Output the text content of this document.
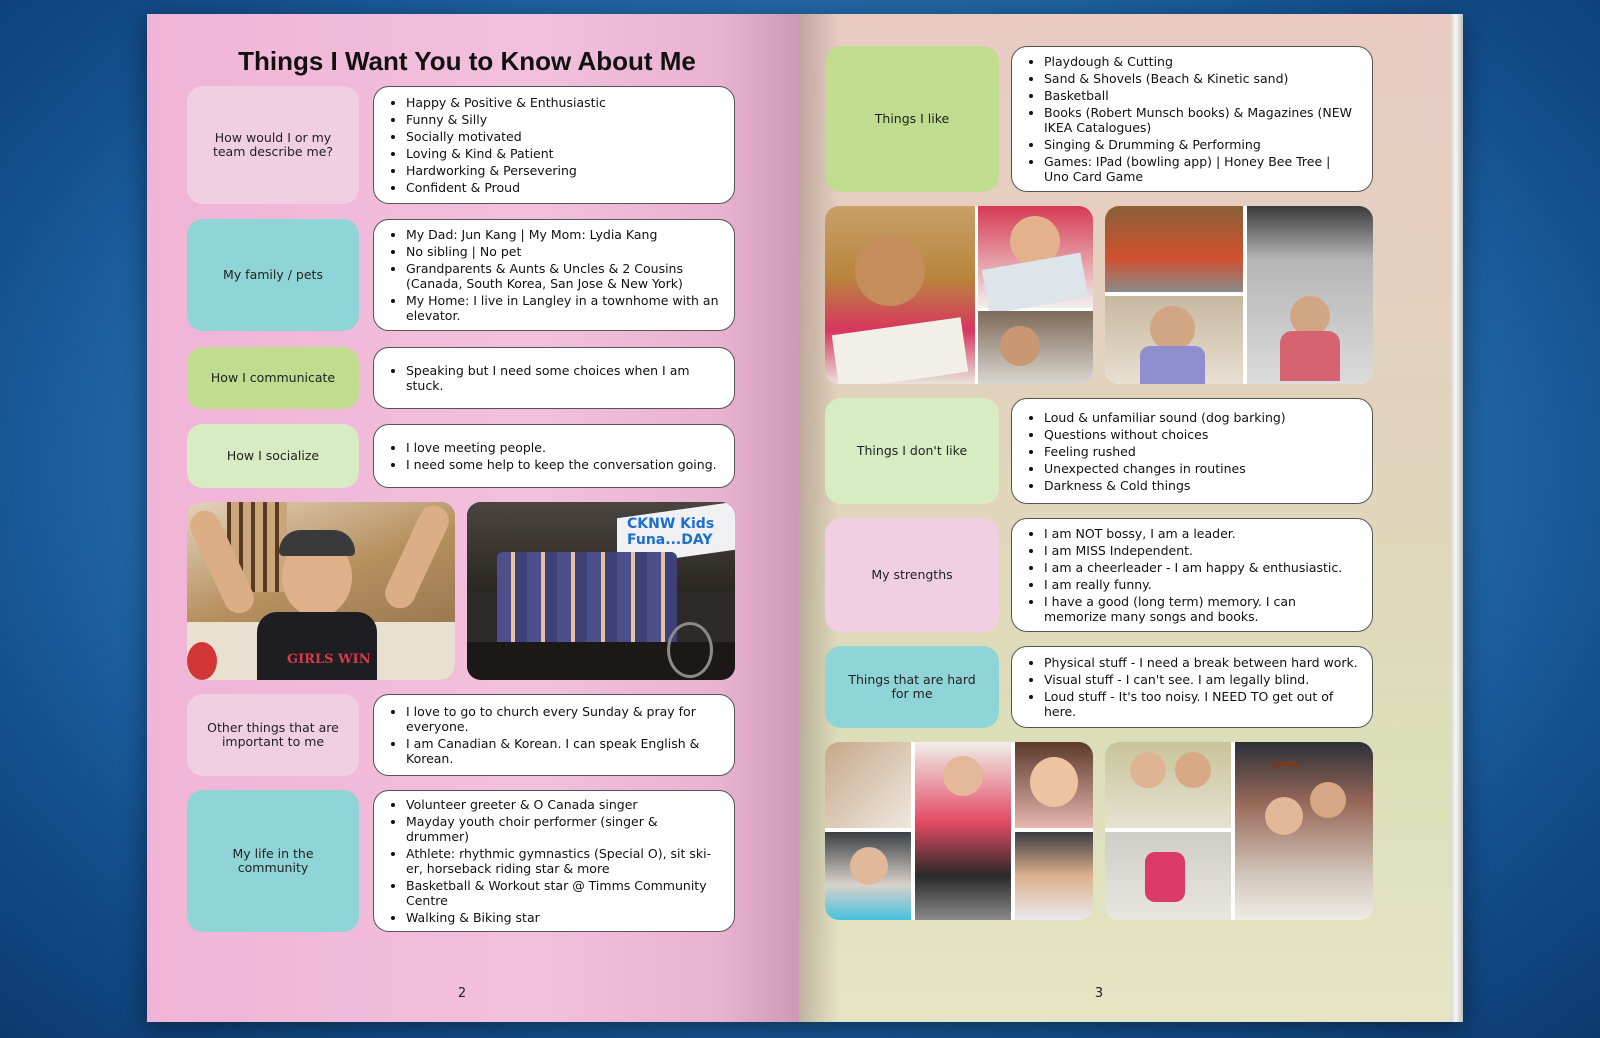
Things I Want You to Know About Me
How would I or my team describe me?
• Happy & Positive & Enthusiastic
• Funny & Silly
• Socially motivated
• Loving & Kind & Patient
• Hardworking & Persevering
• Confident & Proud
My family / pets
• My Dad: Jun Kang | My Mom: Lydia Kang
• No sibling | No pet
• Grandparents & Aunts & Uncles & 2 Cousins (Canada, South Korea, San Jose & New York)
• My Home: I live in Langley in a townhome with an elevator.
How I communicate
•	Speaking but I need some choices when I am stuck.
How I socialize
• I love meeting people.
• I need some help to keep the conversation going.
GIRLS WIN
CKNW Kids Funa...DAY
Other things that are important to me
• I love to go to church every Sunday & pray for everyone.
• I am Canadian & Korean. I can speak English & Korean.
My life in the community
• Volunteer greeter & O Canada singer
• Mayday youth choir performer (singer & drummer)
• Athlete: rhythmic gymnastics (Special O), sit ski-er, horseback riding star & more
• Basketball & Workout star @ Timms Community Centre
• Walking & Biking star
2
Things I like
• Playdough & Cutting
• Sand & Shovels (Beach & Kinetic sand)
• Basketball
• Books (Robert Munsch books) & Magazines (NEW IKEA Catalogues)
• Singing & Drumming & Performing
• Games: IPad (bowling app) | Honey Bee Tree | Uno Card Game
Things I don't like
• Loud & unfamiliar sound (dog barking)
• Questions without choices
• Feeling rushed
• Unexpected changes in routines
• Darkness & Cold things
My strengths
• I am NOT bossy, I am a leader.
• I am MISS Independent.
• I am a cheerleader - I am happy & enthusiastic.
• I am really funny.
• I have a good (long term) memory. I can memorize many songs and books.
Things that are hard for me
• Physical stuff - I need a break between hard work.
• Visual stuff - I can't see. I am legally blind.
• Loud stuff - It's too noisy. I NEED TO get out of here.
3
